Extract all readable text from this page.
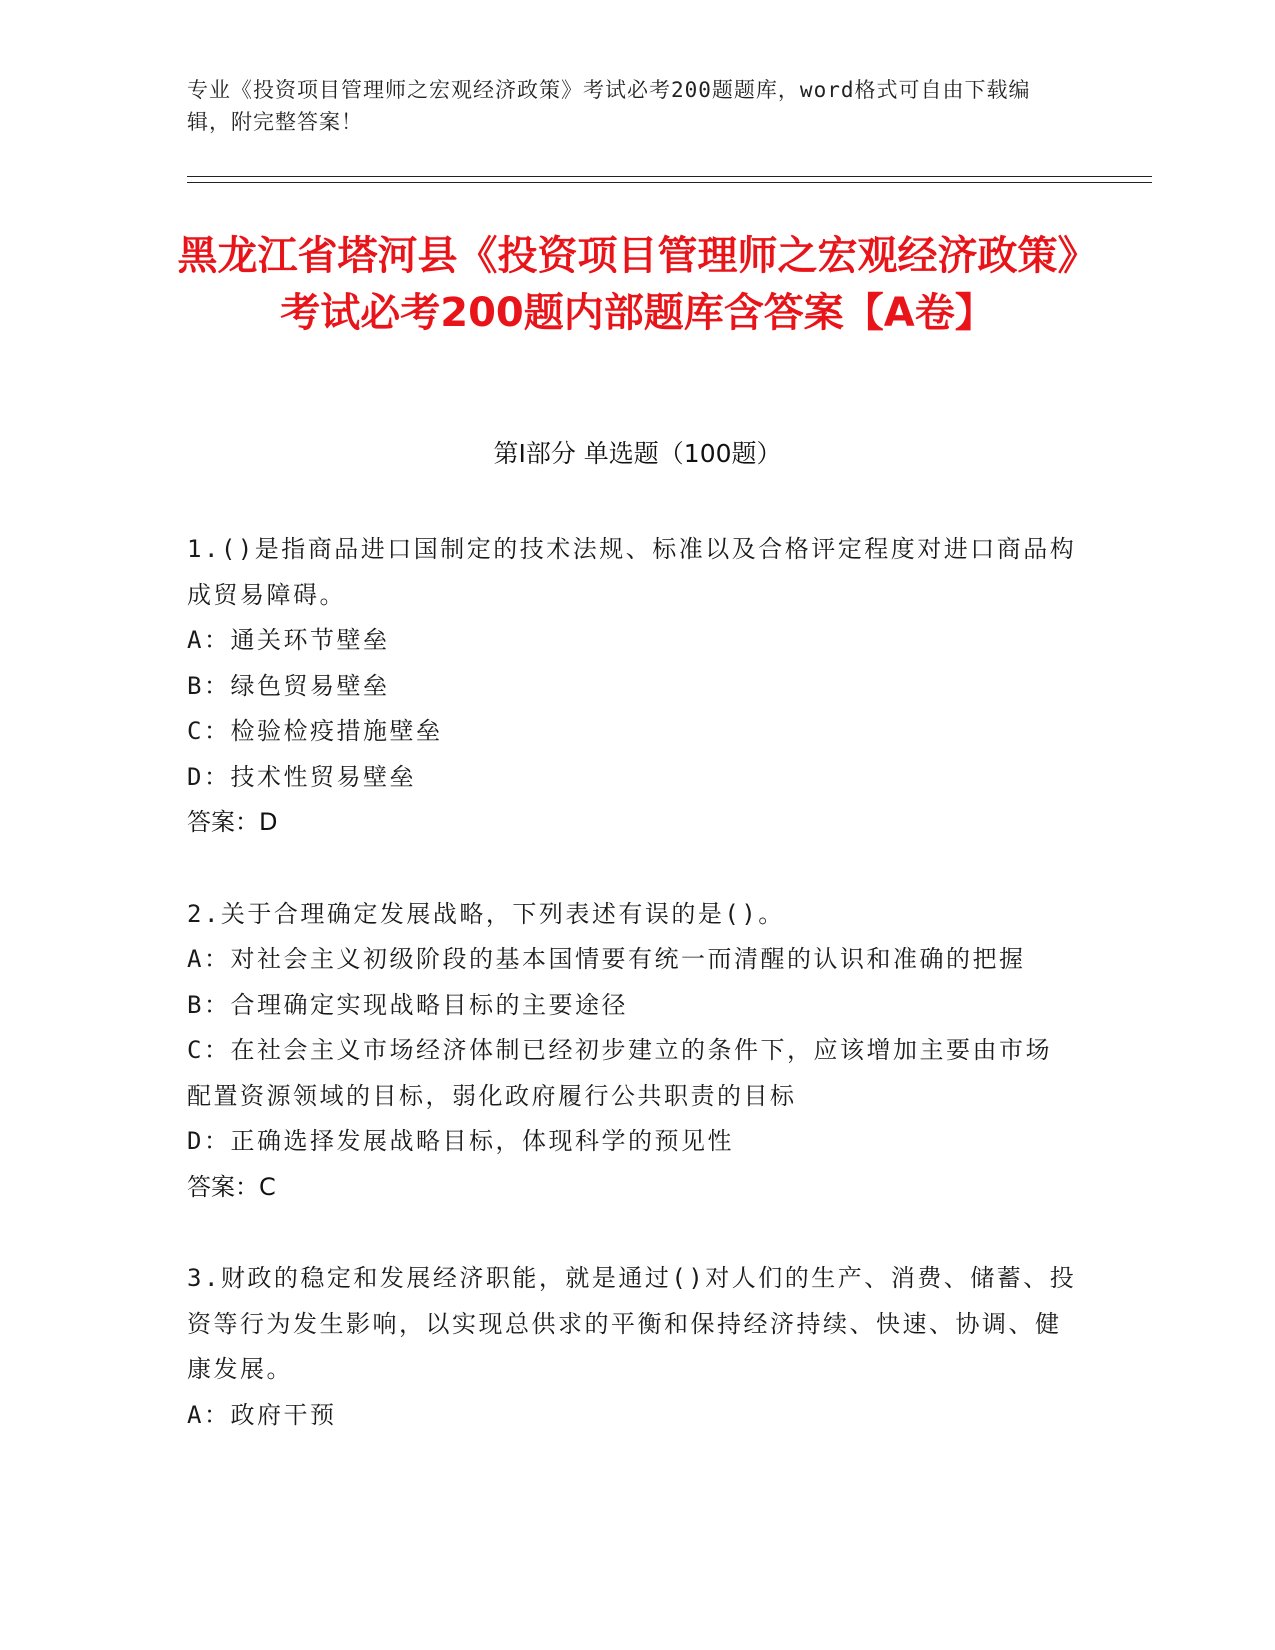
专业《投资项目管理师之宏观经济政策》考试必考200题题库，word格式可自由下载编辑，附完整答案！
黑龙江省塔河县《投资项目管理师之宏观经济政策》考试必考200题内部题库含答案【A卷】
第I部分 单选题（100题）
1.()是指商品进口国制定的技术法规、标准以及合格评定程度对进口商品构成贸易障碍。
A：通关环节壁垒
B：绿色贸易壁垒
C：检验检疫措施壁垒
D：技术性贸易壁垒
答案：D
2.关于合理确定发展战略，下列表述有误的是()。
A：对社会主义初级阶段的基本国情要有统一而清醒的认识和准确的把握
B：合理确定实现战略目标的主要途径
C：在社会主义市场经济体制已经初步建立的条件下，应该增加主要由市场配置资源领域的目标，弱化政府履行公共职责的目标
D：正确选择发展战略目标，体现科学的预见性
答案：C
3.财政的稳定和发展经济职能，就是通过()对人们的生产、消费、储蓄、投资等行为发生影响，以实现总供求的平衡和保持经济持续、快速、协调、健康发展。
A：政府干预
